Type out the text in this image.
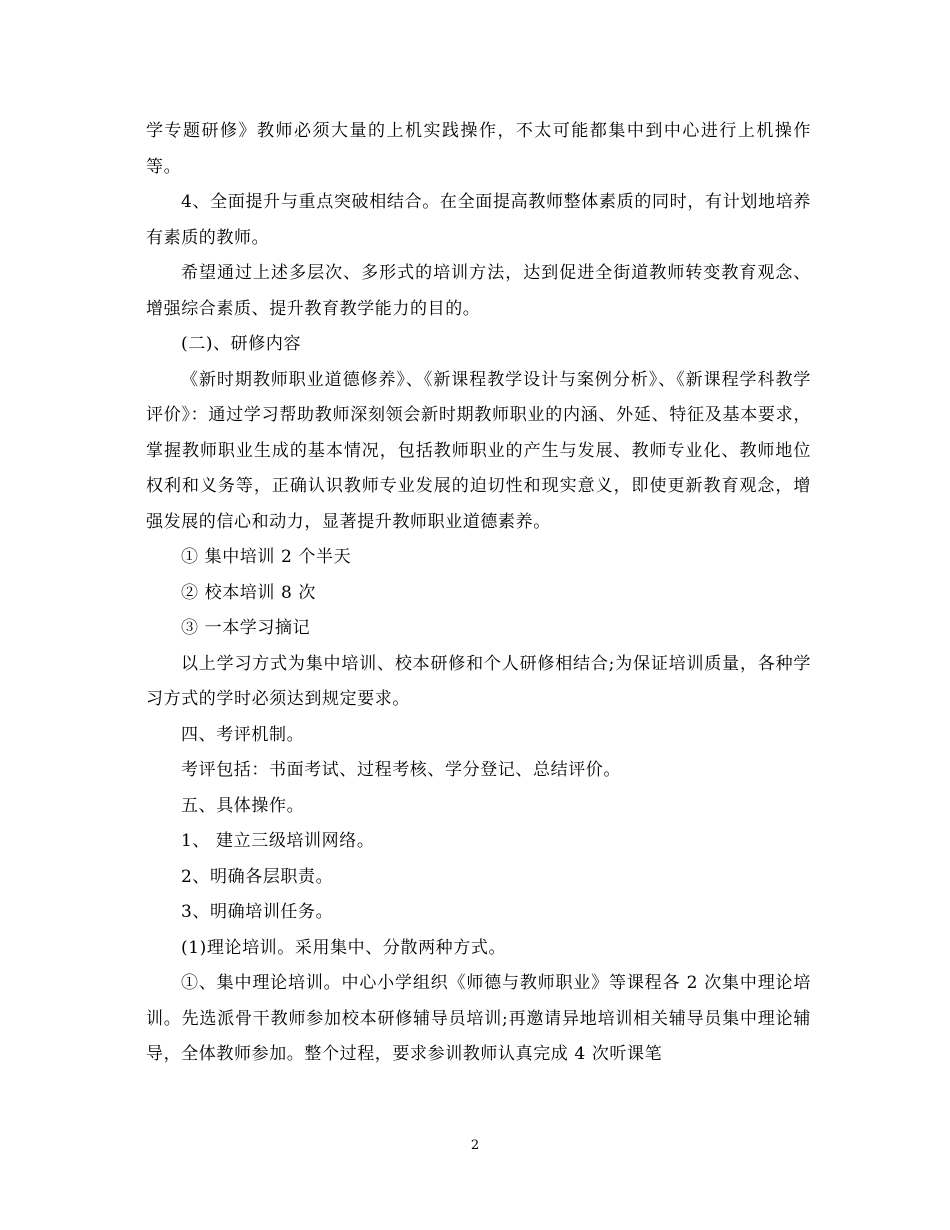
学专题研修》教师必须大量的上机实践操作，不太可能都集中到中心进行上机操作等。

4、全面提升与重点突破相结合。在全面提高教师整体素质的同时，有计划地培养有素质的教师。

希望通过上述多层次、多形式的培训方法，达到促进全街道教师转变教育观念、增强综合素质、提升教育教学能力的目的。

(二)、研修内容

《新时期教师职业道德修养》、《新课程教学设计与案例分析》、《新课程学科教学评价》：通过学习帮助教师深刻领会新时期教师职业的内涵、外延、特征及基本要求，掌握教师职业生成的基本情况，包括教师职业的产生与发展、教师专业化、教师地位权利和义务等，正确认识教师专业发展的迫切性和现实意义，即使更新教育观念，增强发展的信心和动力，显著提升教师职业道德素养。

① 集中培训 2 个半天

② 校本培训 8 次

③ 一本学习摘记

以上学习方式为集中培训、校本研修和个人研修相结合;为保证培训质量，各种学习方式的学时必须达到规定要求。

四、考评机制。

考评包括：书面考试、过程考核、学分登记、总结评价。

五、具体操作。

1、 建立三级培训网络。

2、明确各层职责。

3、明确培训任务。

(1)理论培训。采用集中、分散两种方式。

①、集中理论培训。中心小学组织《师德与教师职业》等课程各 2 次集中理论培训。先选派骨干教师参加校本研修辅导员培训;再邀请异地培训相关辅导员集中理论辅导，全体教师参加。整个过程，要求参训教师认真完成 4 次听课笔

2
